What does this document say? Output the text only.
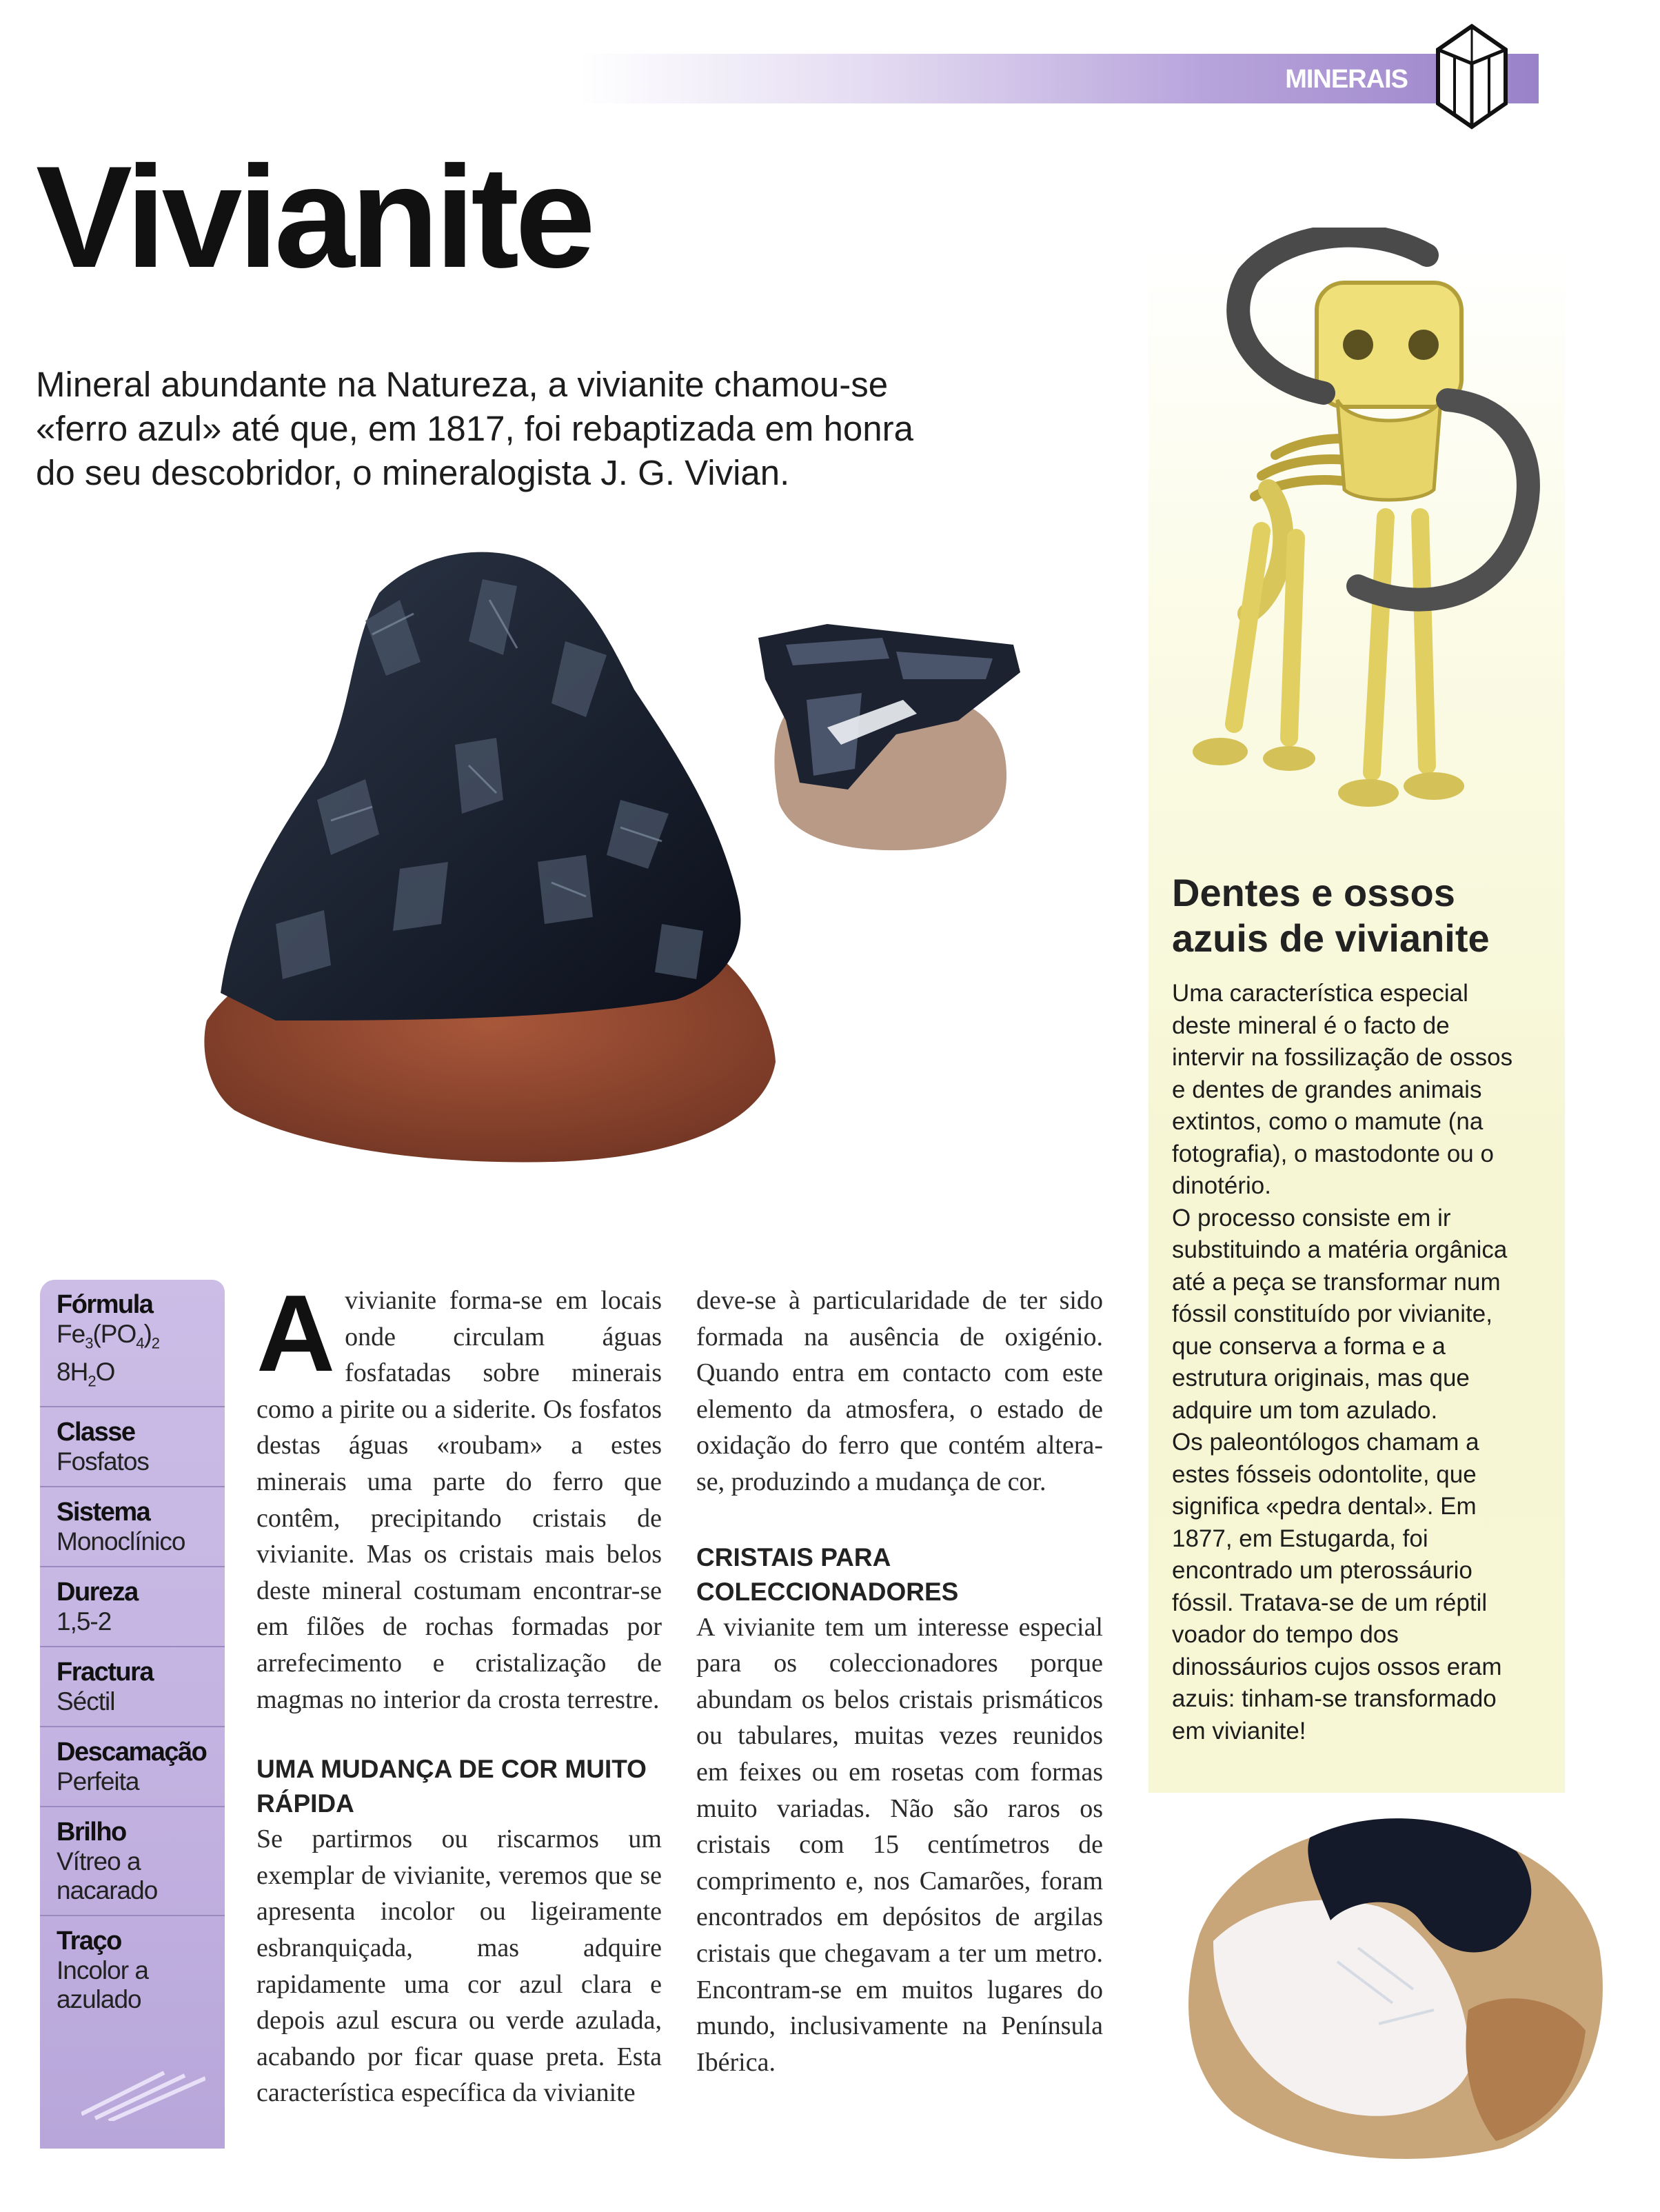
MINERAIS
Vivianite

Mineral abundante na Natureza, a vivianite chamou-se «ferro azul» até que, em 1817, foi rebaptizada em honra do seu descobridor, o mineralogista J. G. Vivian.

Dentes e ossos
azuis de vivianite

Uma característica especial deste mineral é o facto de intervir na fossilização de ossos e dentes de grandes animais extintos, como o mamute (na fotografia), o mastodonte ou o dinotério.

O processo consiste em ir substituindo a matéria orgânica até a peça se transformar num fóssil constituído por vivianite, que conserva a forma e a estrutura originais, mas que adquire um tom azulado.

Os paleontólogos chamam a estes fósseis odontolite, que significa «pedra dental». Em 1877, em Estugarda, foi encontrado um pterossáurio fóssil. Tratava-se de um réptil voador do tempo dos dinossáurios cujos ossos eram azuis: tinham-se transformado em vivianite!

Fórmula
$Fe_3(PO_4)_2$
$8H_2O$
Classe
Fosfatos
Sistema
Monoclínico
Dureza
1,5-2
Fractura
Séctil
Descamação
Perfeita
Brilho
Vítreo a nacarado
Traço
Incolor a azulado
A vivianite forma-se em locais onde circulam águas fosfatadas sobre minerais como a pirite ou a siderite. Os fosfatos destas águas «roubam» a estes minerais uma parte do ferro que contêm, precipitando cristais de vivianite. Mas os cristais mais belos deste mineral costumam encontrar-se em filões de rochas formadas por arrefecimento e cristalização de magmas no interior da crosta terrestre.

UMA MUDANÇA DE COR MUITO RÁPIDA

Se partirmos ou riscarmos um exemplar de vivianite, veremos que se apresenta incolor ou ligeiramente esbranquiçada, mas adquire rapidamente uma cor azul clara e depois azul escura ou verde azulada, acabando por ficar quase preta. Esta característica específica da vivianite

deve-se à particularidade de ter sido formada na ausência de oxigénio. Quando entra em contacto com este elemento da atmosfera, o estado de oxidação do ferro que contém altera-se, produzindo a mudança de cor.

CRISTAIS PARA COLECCIONADORES

A vivianite tem um interesse especial para os coleccionadores porque abundam os belos cristais prismáticos ou tabulares, muitas vezes reunidos em feixes ou em rosetas com formas muito variadas. Não são raros os cristais com 15 centímetros de comprimento e, nos Camarões, foram encontrados em depósitos de argilas cristais que chegavam a ter um metro. Encontram-se em muitos lugares do mundo, inclusivamente na Península Ibérica.
